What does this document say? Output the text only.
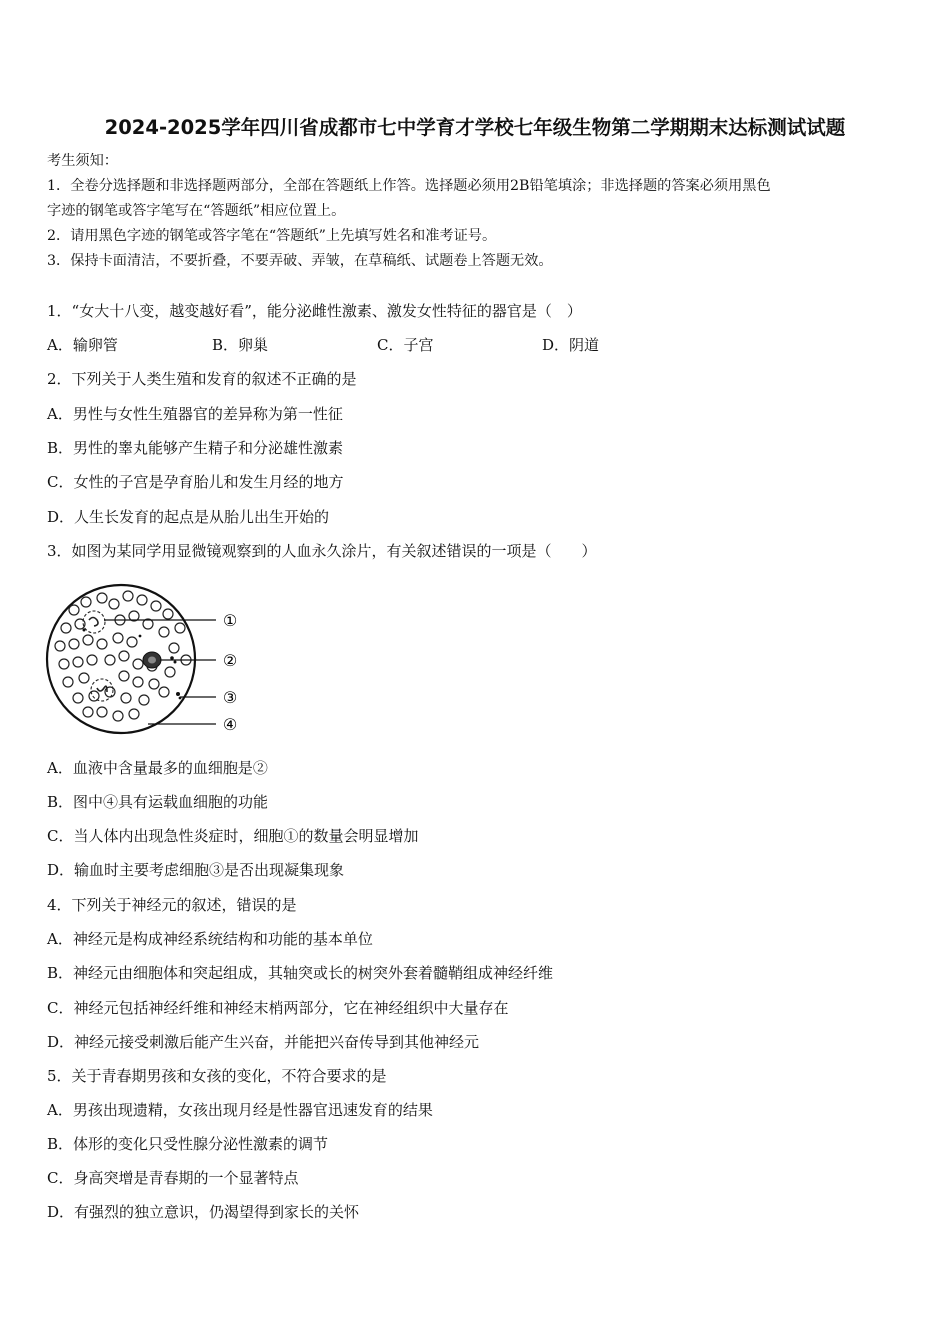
2024-2025学年四川省成都市七中学育才学校七年级生物第二学期期末达标测试试题
考生须知：
1．全卷分选择题和非选择题两部分，全部在答题纸上作答。选择题必须用2B铅笔填涂；非选择题的答案必须用黑色
字迹的钢笔或答字笔写在“答题纸”相应位置上。
2．请用黑色字迹的钢笔或答字笔在“答题纸”上先填写姓名和准考证号。
3．保持卡面清洁，不要折叠，不要弄破、弄皱，在草稿纸、试题卷上答题无效。
1．“女大十八变，越变越好看”，能分泌雌性激素、激发女性特征的器官是（　）
A．输卵管	B．卵巢	C．子宫	D．阴道
2．下列关于人类生殖和发育的叙述不正确的是
A．男性与女性生殖器官的差异称为第一性征
B．男性的睾丸能够产生精子和分泌雄性激素
C．女性的子宫是孕育胎儿和发生月经的地方
D．人生长发育的起点是从胎儿出生开始的
3．如图为某同学用显微镜观察到的人血永久涂片，有关叙述错误的一项是（　　）
①
②
③
④
A．血液中含量最多的血细胞是②
B．图中④具有运载血细胞的功能
C．当人体内出现急性炎症时，细胞①的数量会明显增加
D．输血时主要考虑细胞③是否出现凝集现象
4．下列关于神经元的叙述，错误的是
A．神经元是构成神经系统结构和功能的基本单位
B．神经元由细胞体和突起组成，其轴突或长的树突外套着髓鞘组成神经纤维
C．神经元包括神经纤维和神经末梢两部分，它在神经组织中大量存在
D．神经元接受刺激后能产生兴奋，并能把兴奋传导到其他神经元
5．关于青春期男孩和女孩的变化，不符合要求的是
A．男孩出现遗精，女孩出现月经是性器官迅速发育的结果
B．体形的变化只受性腺分泌性激素的调节
C．身高突增是青春期的一个显著特点
D．有强烈的独立意识，仍渴望得到家长的关怀
